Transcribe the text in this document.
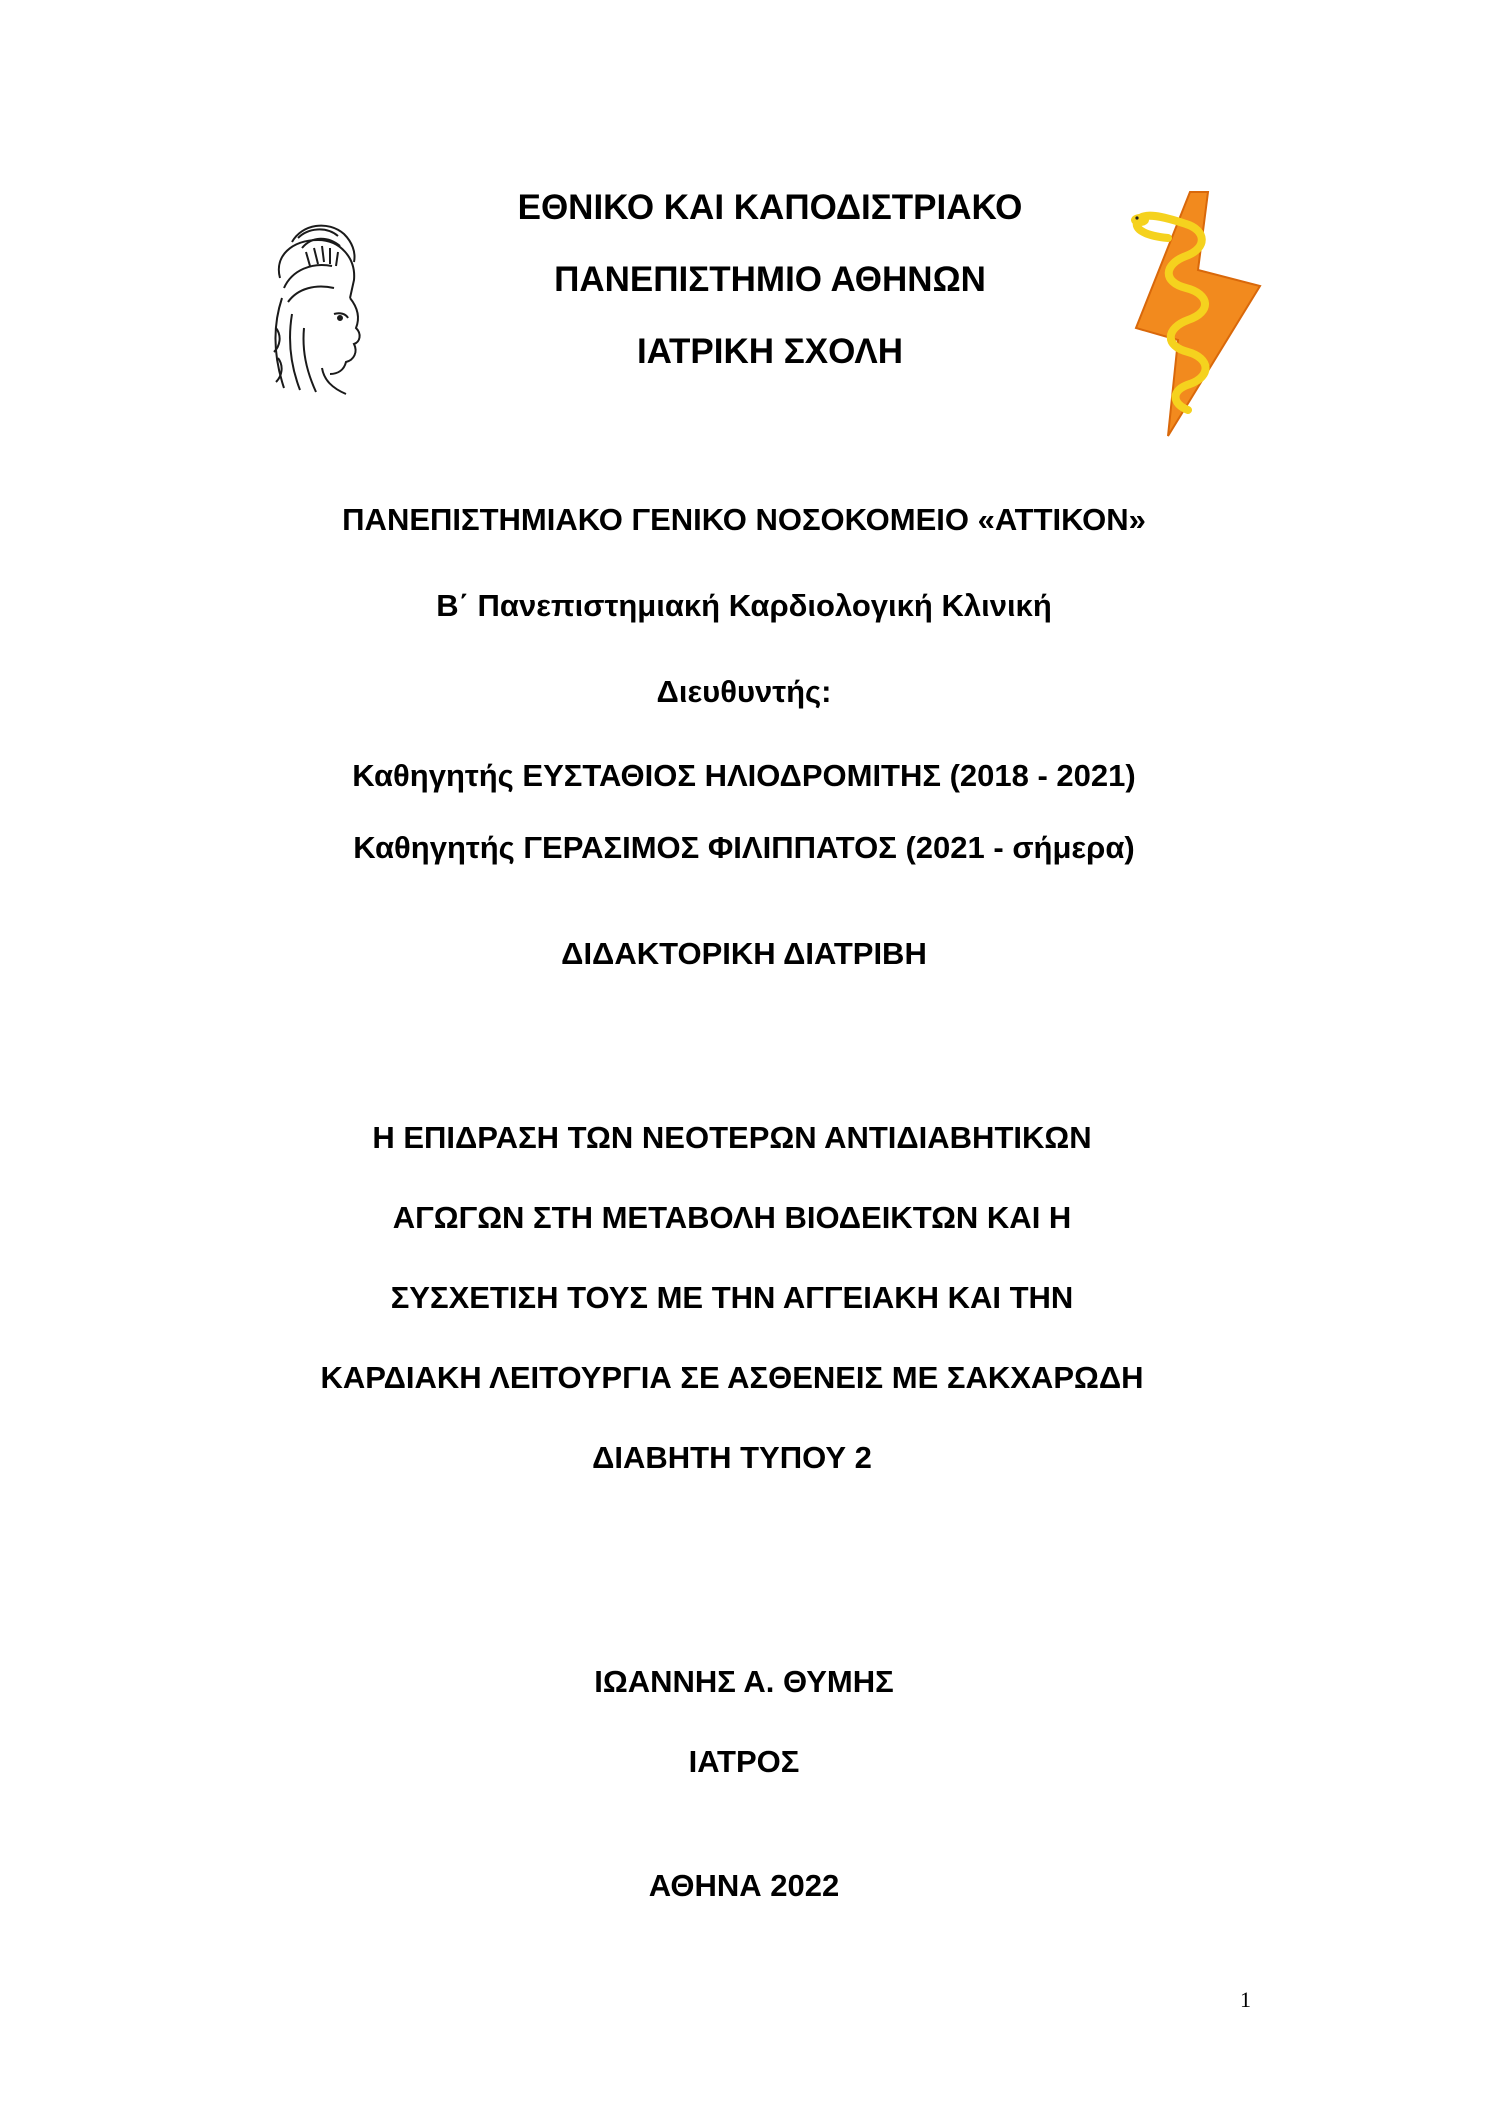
ΕΘΝΙΚΟ ΚΑΙ ΚΑΠΟΔΙΣΤΡΙΑΚΟ

ΠΑΝΕΠΙΣΤΗΜΙΟ ΑΘΗΝΩΝ

ΙΑΤΡΙΚΗ ΣΧΟΛΗ

ΠΑΝΕΠΙΣΤΗΜΙΑΚΟ ΓΕΝΙΚΟ ΝΟΣΟΚΟΜΕΙΟ «ΑΤΤΙΚΟΝ»

Β΄ Πανεπιστημιακή Καρδιολογική Κλινική

Διευθυντής:

Καθηγητής ΕΥΣΤΑΘΙΟΣ ΗΛΙΟΔΡΟΜΙΤΗΣ (2018 - 2021)

Καθηγητής ΓΕΡΑΣΙΜΟΣ ΦΙΛΙΠΠΑΤΟΣ (2021 - σήμερα)

ΔΙΔΑΚΤΟΡΙΚΗ ΔΙΑΤΡΙΒΗ

Η ΕΠΙΔΡΑΣΗ ΤΩΝ ΝΕΟΤΕΡΩΝ ΑΝΤΙΔΙΑΒΗΤΙΚΩΝ

ΑΓΩΓΩΝ ΣΤΗ ΜΕΤΑΒΟΛΗ ΒΙΟΔΕΙΚΤΩΝ ΚΑΙ Η

ΣΥΣΧΕΤΙΣΗ ΤΟΥΣ ΜΕ ΤΗΝ ΑΓΓΕΙΑΚΗ ΚΑΙ ΤΗΝ

ΚΑΡΔΙΑΚΗ ΛΕΙΤΟΥΡΓΙΑ ΣΕ ΑΣΘΕΝΕΙΣ ΜΕ ΣΑΚΧΑΡΩΔΗ

ΔΙΑΒΗΤΗ ΤΥΠΟΥ 2

ΙΩΑΝΝΗΣ Α. ΘΥΜΗΣ

ΙΑΤΡΟΣ

ΑΘΗΝΑ 2022

1
